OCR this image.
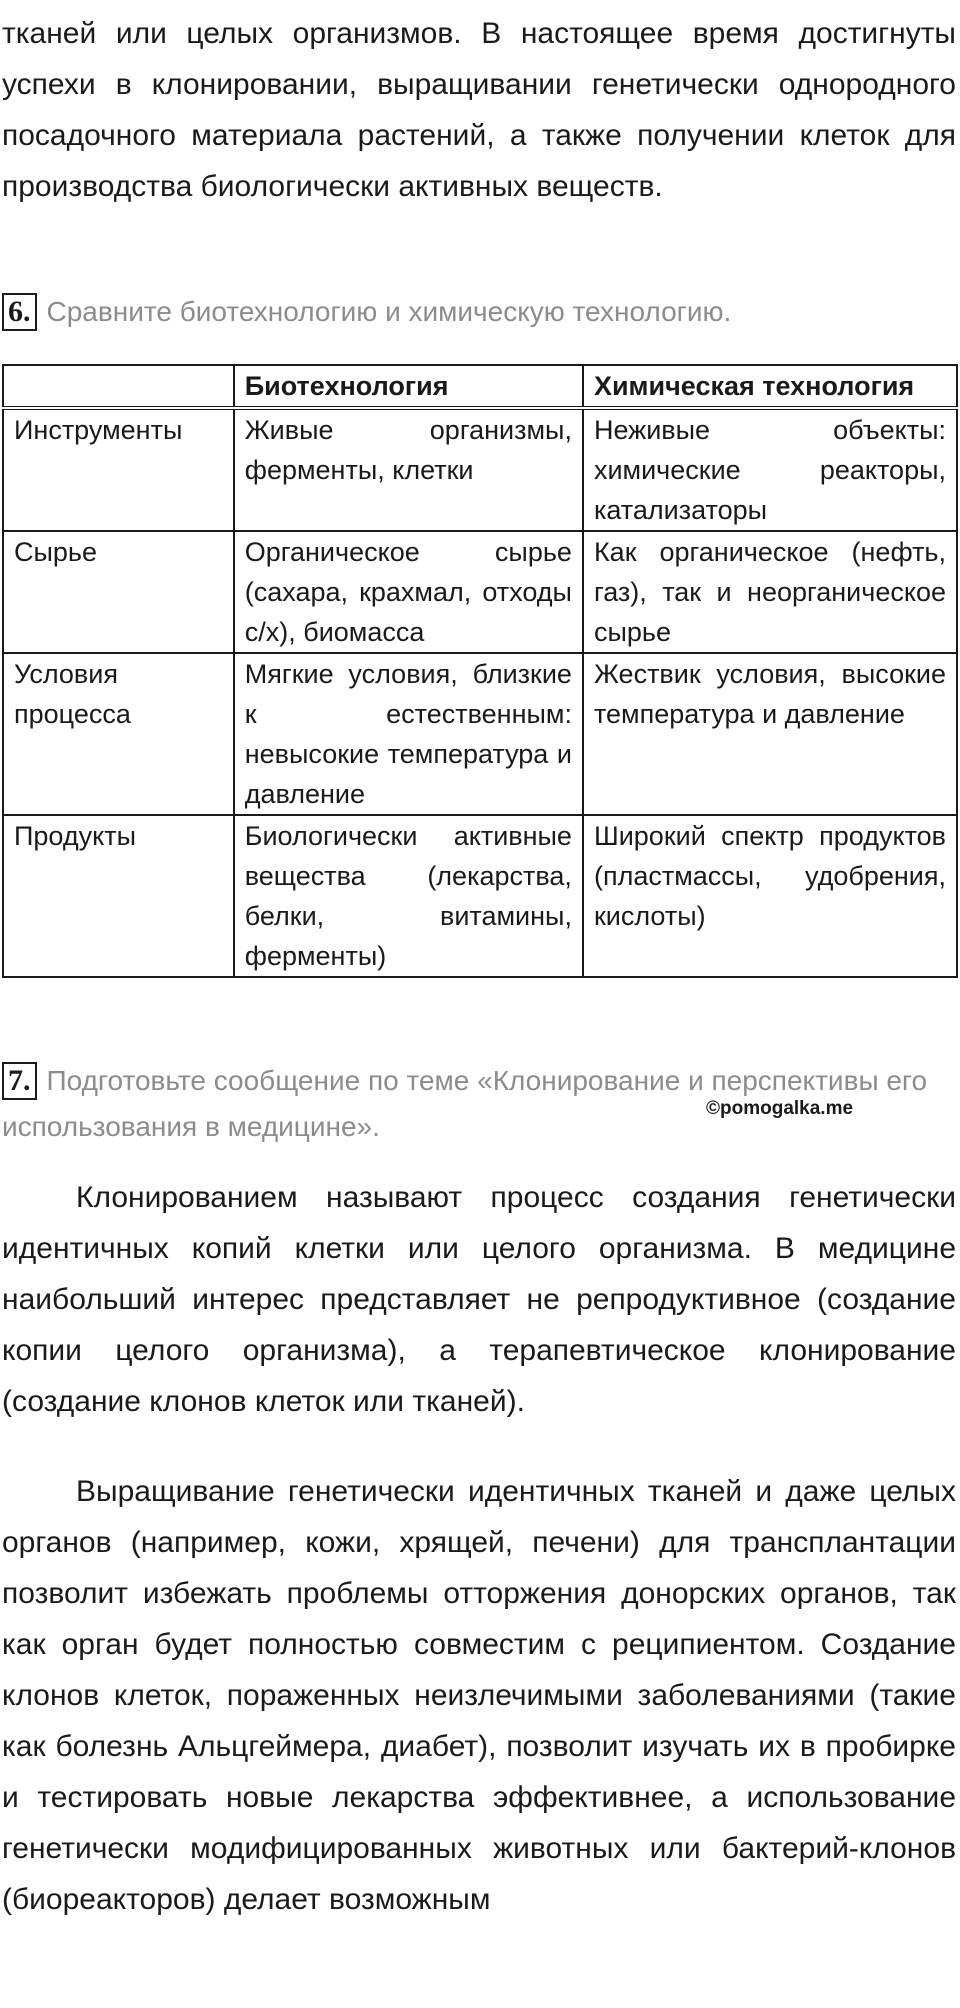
тканей или целых организмов. В настоящее время достигнуты успехи в клонировании, выращивании генетически однородного посадочного материала растений, а также получении клеток для производства биологически активных веществ.

6. Сравните биотехнологию и химическую технологию.
	Биотехнология	Химическая технология
Инструменты	Живые организмы, ферменты, клетки	Неживые объекты: химические реакторы, катализаторы
Сырье	Органическое сырье (сахара, крахмал, отходы с/х), биомасса	Как органическое (нефть, газ), так и неорганическое сырье
Условия процесса	Мягкие условия, близкие к естественным: невысокие температура и давление	Жествик условия, высокие температура и давление
Продукты	Биологически активные вещества (лекарства, белки, витамины, ферменты)	Широкий спектр продуктов (пластмассы, удобрения, кислоты)
7. Подготовьте сообщение по теме «Клонирование и перспективы его использования в медицине».
©pomogalka.me

Клонированием называют процесс создания генетически идентичных копий клетки или целого организма. В медицине наибольший интерес представляет не репродуктивное (создание копии целого организма), а терапевтическое клонирование (создание клонов клеток или тканей).

Выращивание генетически идентичных тканей и даже целых органов (например, кожи, хрящей, печени) для трансплантации позволит избежать проблемы отторжения донорских органов, так как орган будет полностью совместим с реципиентом. Создание клонов клеток, пораженных неизлечимыми заболеваниями (такие как болезнь Альцгеймера, диабет), позволит изучать их в пробирке и тестировать новые лекарства эффективнее, а использование генетически модифицированных животных или бактерий-клонов (биореакторов) делает возможным
